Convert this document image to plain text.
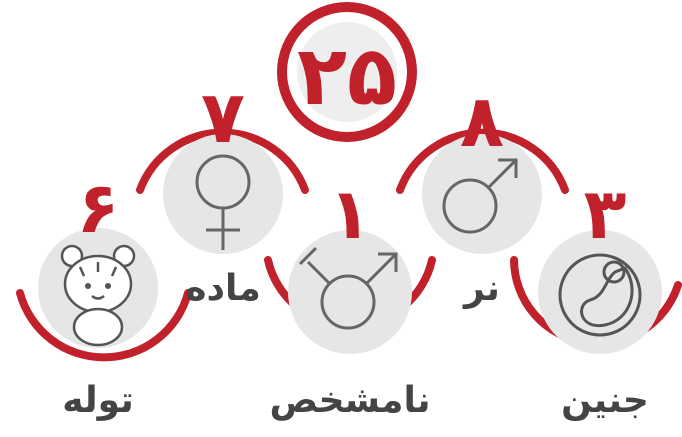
۲۵
۶
توله
۷
ماده
۱
نامشخص
۸
نر
۳
جنین
